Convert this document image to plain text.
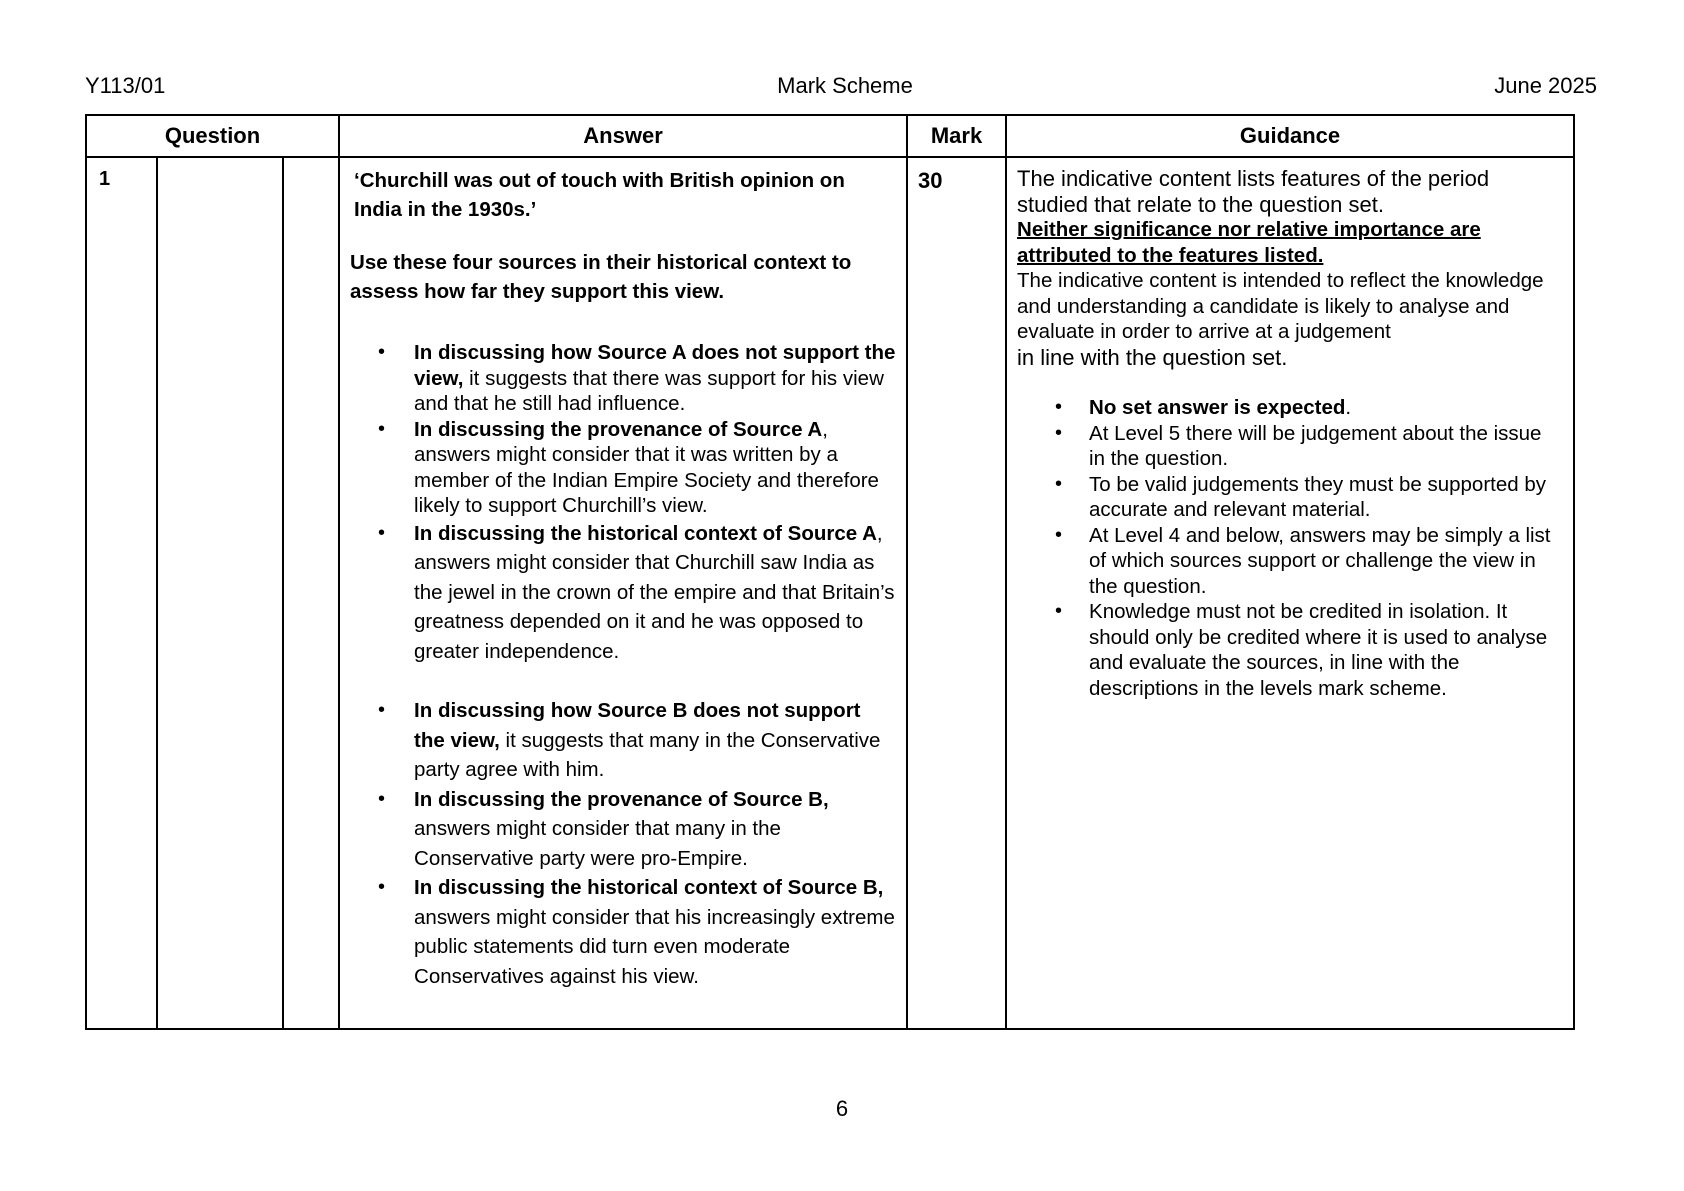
Y113/01	Mark Scheme	June 2025
Question			Answer	Mark	Guidance
1			‘Churchill was out of touch with British opinion on India in the 1930s.’

Use these four sources in their historical context to assess how far they support this view.

• In discussing how Source A does not support the view, it suggests that there was support for his view and that he still had influence.
• In discussing the provenance of Source A, answers might consider that it was written by a member of the Indian Empire Society and therefore likely to support Churchill’s view.
• In discussing the historical context of Source A, answers might consider that Churchill saw India as the jewel in the crown of the empire and that Britain’s greatness depended on it and he was opposed to greater independence.
• In discussing how Source B does not support the view, it suggests that many in the Conservative party agree with him.
• In discussing the provenance of Source B, answers might consider that many in the Conservative party were pro-Empire.
• In discussing the historical context of Source B, answers might consider that his increasingly extreme public statements did turn even moderate Conservatives against his view.
	30	The indicative content lists features of the period studied that relate to the question set.

Neither significance nor relative importance are attributed to the features listed.

The indicative content is intended to reflect the knowledge and understanding a candidate is likely to analyse and evaluate in order to arrive at a judgement
in line with the question set.

• No set answer is expected.
• At Level 5 there will be judgement about the issue in the question.
• To be valid judgements they must be supported by accurate and relevant material.
• At Level 4 and below, answers may be simply a list of which sources support or challenge the view in the question.
• Knowledge must not be credited in isolation. It should only be credited where it is used to analyse and evaluate the sources, in line with the descriptions in the levels mark scheme.
6
